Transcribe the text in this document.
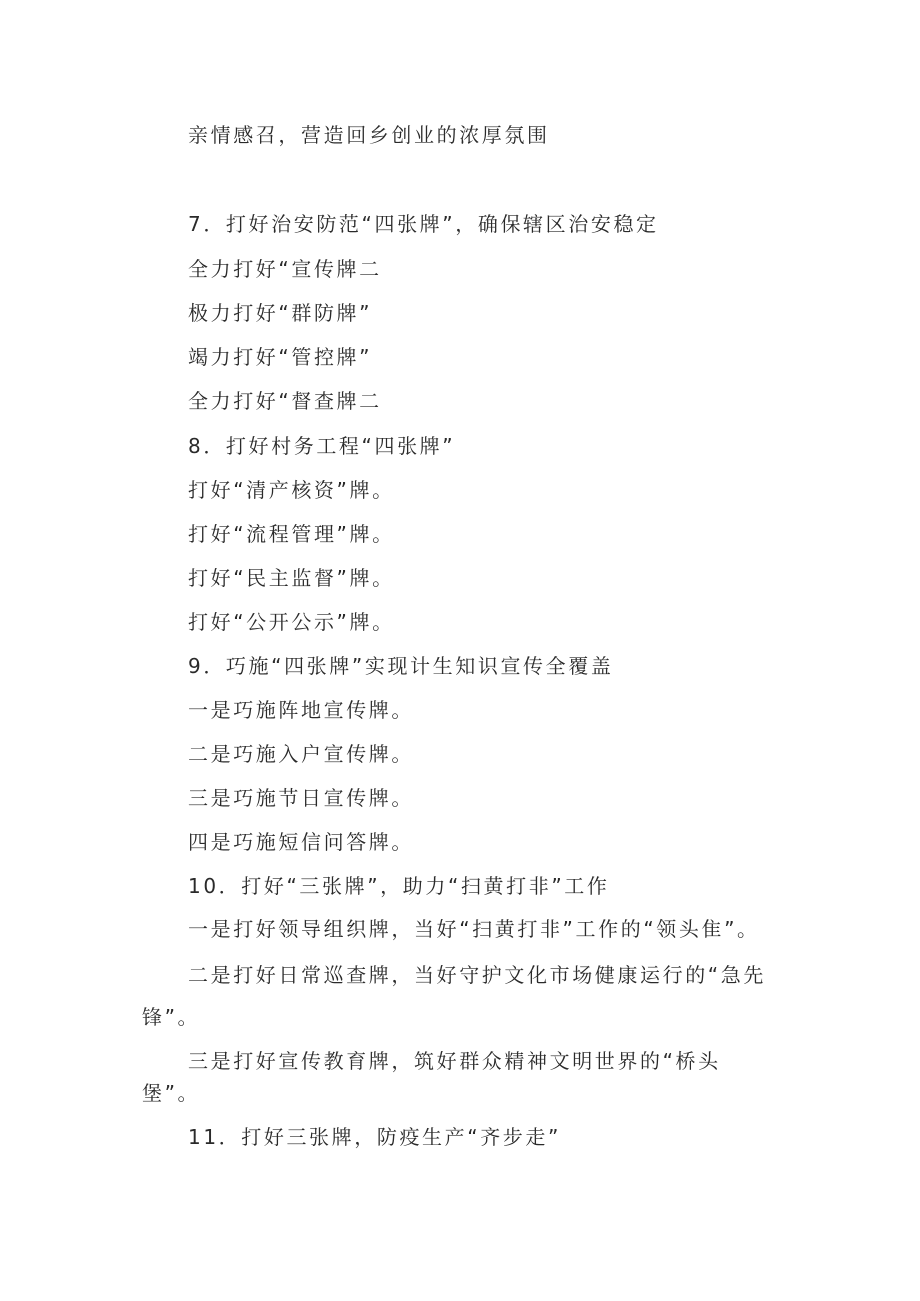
亲情感召，营造回乡创业的浓厚氛围

7．打好治安防范“四张牌”，确保辖区治安稳定

全力打好“宣传牌二

极力打好“群防牌”

竭力打好“管控牌”

全力打好“督查牌二

8．打好村务工程“四张牌”

打好“清产核资”牌。

打好“流程管理”牌。

打好“民主监督”牌。

打好“公开公示”牌。

9．巧施“四张牌”实现计生知识宣传全覆盖

一是巧施阵地宣传牌。

二是巧施入户宣传牌。

三是巧施节日宣传牌。

四是巧施短信问答牌。

10．打好“三张牌”，助力“扫黄打非”工作

一是打好领导组织牌，当好“扫黄打非”工作的“领头隹”。

二是打好日常巡查牌，当好守护文化市场健康运行的“急先

锋”。

三是打好宣传教育牌，筑好群众精神文明世界的“桥头

堡”。

11．打好三张牌，防疫生产“齐步走”
